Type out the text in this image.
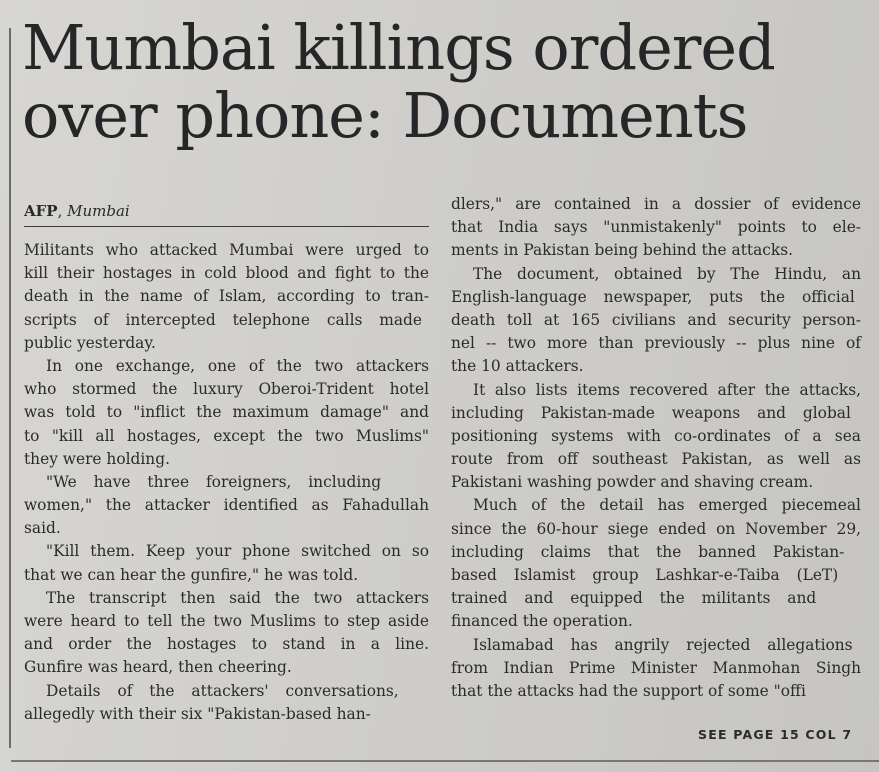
Mumbai killings ordered
over phone: Documents
AFP, Mumbai
Militants who attacked Mumbai were urged to
kill their hostages in cold blood and fight to the
death in the name of Islam, according to tran-
scripts of intercepted telephone calls made
public yesterday.
In one exchange, one of the two attackers
who stormed the luxury Oberoi-Trident hotel
was told to "inflict the maximum damage" and
to "kill all hostages, except the two Muslims"
they were holding.
"We have three foreigners, including
women," the attacker identified as Fahadullah
said.
"Kill them. Keep your phone switched on so
that we can hear the gunfire," he was told.
The transcript then said the two attackers
were heard to tell the two Muslims to step aside
and order the hostages to stand in a line.
Gunfire was heard, then cheering.
Details of the attackers' conversations,
allegedly with their six "Pakistan-based han-
dlers," are contained in a dossier of evidence
that India says "unmistakenly" points to ele-
ments in Pakistan being behind the attacks.
The document, obtained by The Hindu, an
English-language newspaper, puts the official
death toll at 165 civilians and security person-
nel -- two more than previously -- plus nine of
the 10 attackers.
It also lists items recovered after the attacks,
including Pakistan-made weapons and global
positioning systems with co-ordinates of a sea
route from off southeast Pakistan, as well as
Pakistani washing powder and shaving cream.
Much of the detail has emerged piecemeal
since the 60-hour siege ended on November 29,
including claims that the banned Pakistan-
based Islamist group Lashkar-e-Taiba (LeT)
trained and equipped the militants and
financed the operation.
Islamabad has angrily rejected allegations
from Indian Prime Minister Manmohan Singh
that the attacks had the support of some "offi
SEE PAGE 15 COL 7
